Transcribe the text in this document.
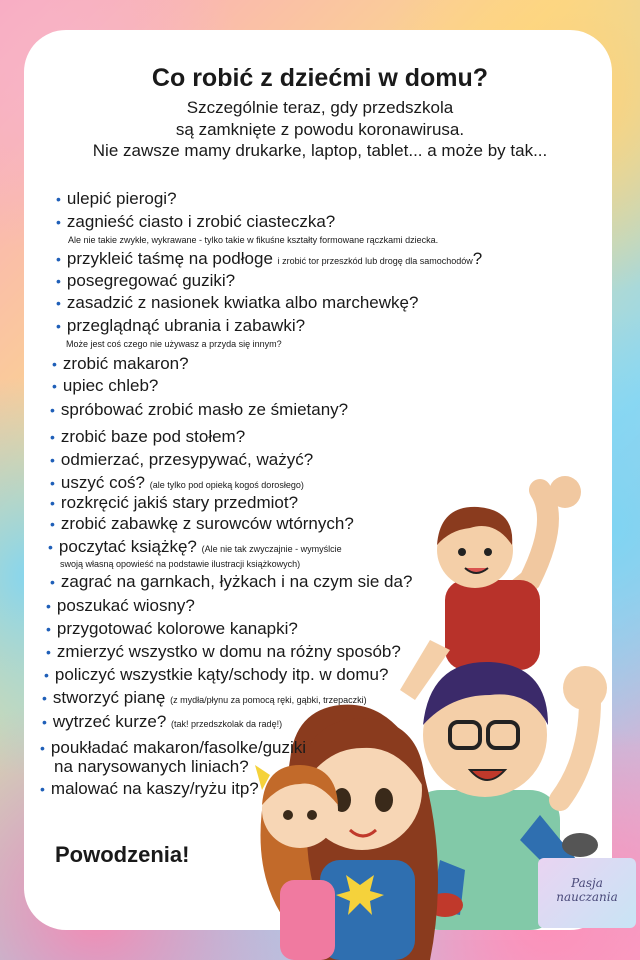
Co robić z dziećmi w domu?
Szczególnie teraz, gdy przedszkola
są zamknięte z powodu koronawirusa.
Nie zawsze mamy drukarke, laptop, tablet... a może by tak...
• ulepić pierogi?
• zagnieść ciasto i zrobić ciasteczka?
Ale nie takie zwykłe, wykrawane - tylko takie w fikuśne kształty formowane rączkami dziecka.
• przykleić taśmę na podłoge i zrobić tor przeszkód lub drogę dla samochodów?
• posegregować guziki?
• zasadzić z nasionek kwiatka albo marchewkę?
• przeglądnąć ubrania i zabawki?
Może jest coś czego nie używasz a przyda się innym?
• zrobić makaron?
• upiec chleb?
• spróbować zrobić masło ze śmietany?
• zrobić baze pod stołem?
• odmierzać, przesypywać, ważyć?
• uszyć coś? (ale tylko pod opieką kogoś dorosłego)
• rozkręcić jakiś stary przedmiot?
• zrobić zabawkę z surowców wtórnych?
• poczytać książkę? (Ale nie tak zwyczajnie - wymyślcie
swoją własną opowieść na podstawie ilustracji książkowych)
• zagrać na garnkach, łyżkach i na czym sie da?
• poszukać wiosny?
• przygotować kolorowe kanapki?
• zmierzyć wszystko w domu na różny sposób?
• policzyć wszystkie kąty/schody itp. w domu?
• stworzyć pianę (z mydła/płynu za pomocą ręki, gąbki, trzepaczki)
• wytrzeć kurze? (tak! przedszkolak da radę!)
• poukładać makaron/fasolke/guziki
na narysowanych liniach?
• malować na kaszy/ryżu itp?
Powodzenia!
Pasja
nauczania
